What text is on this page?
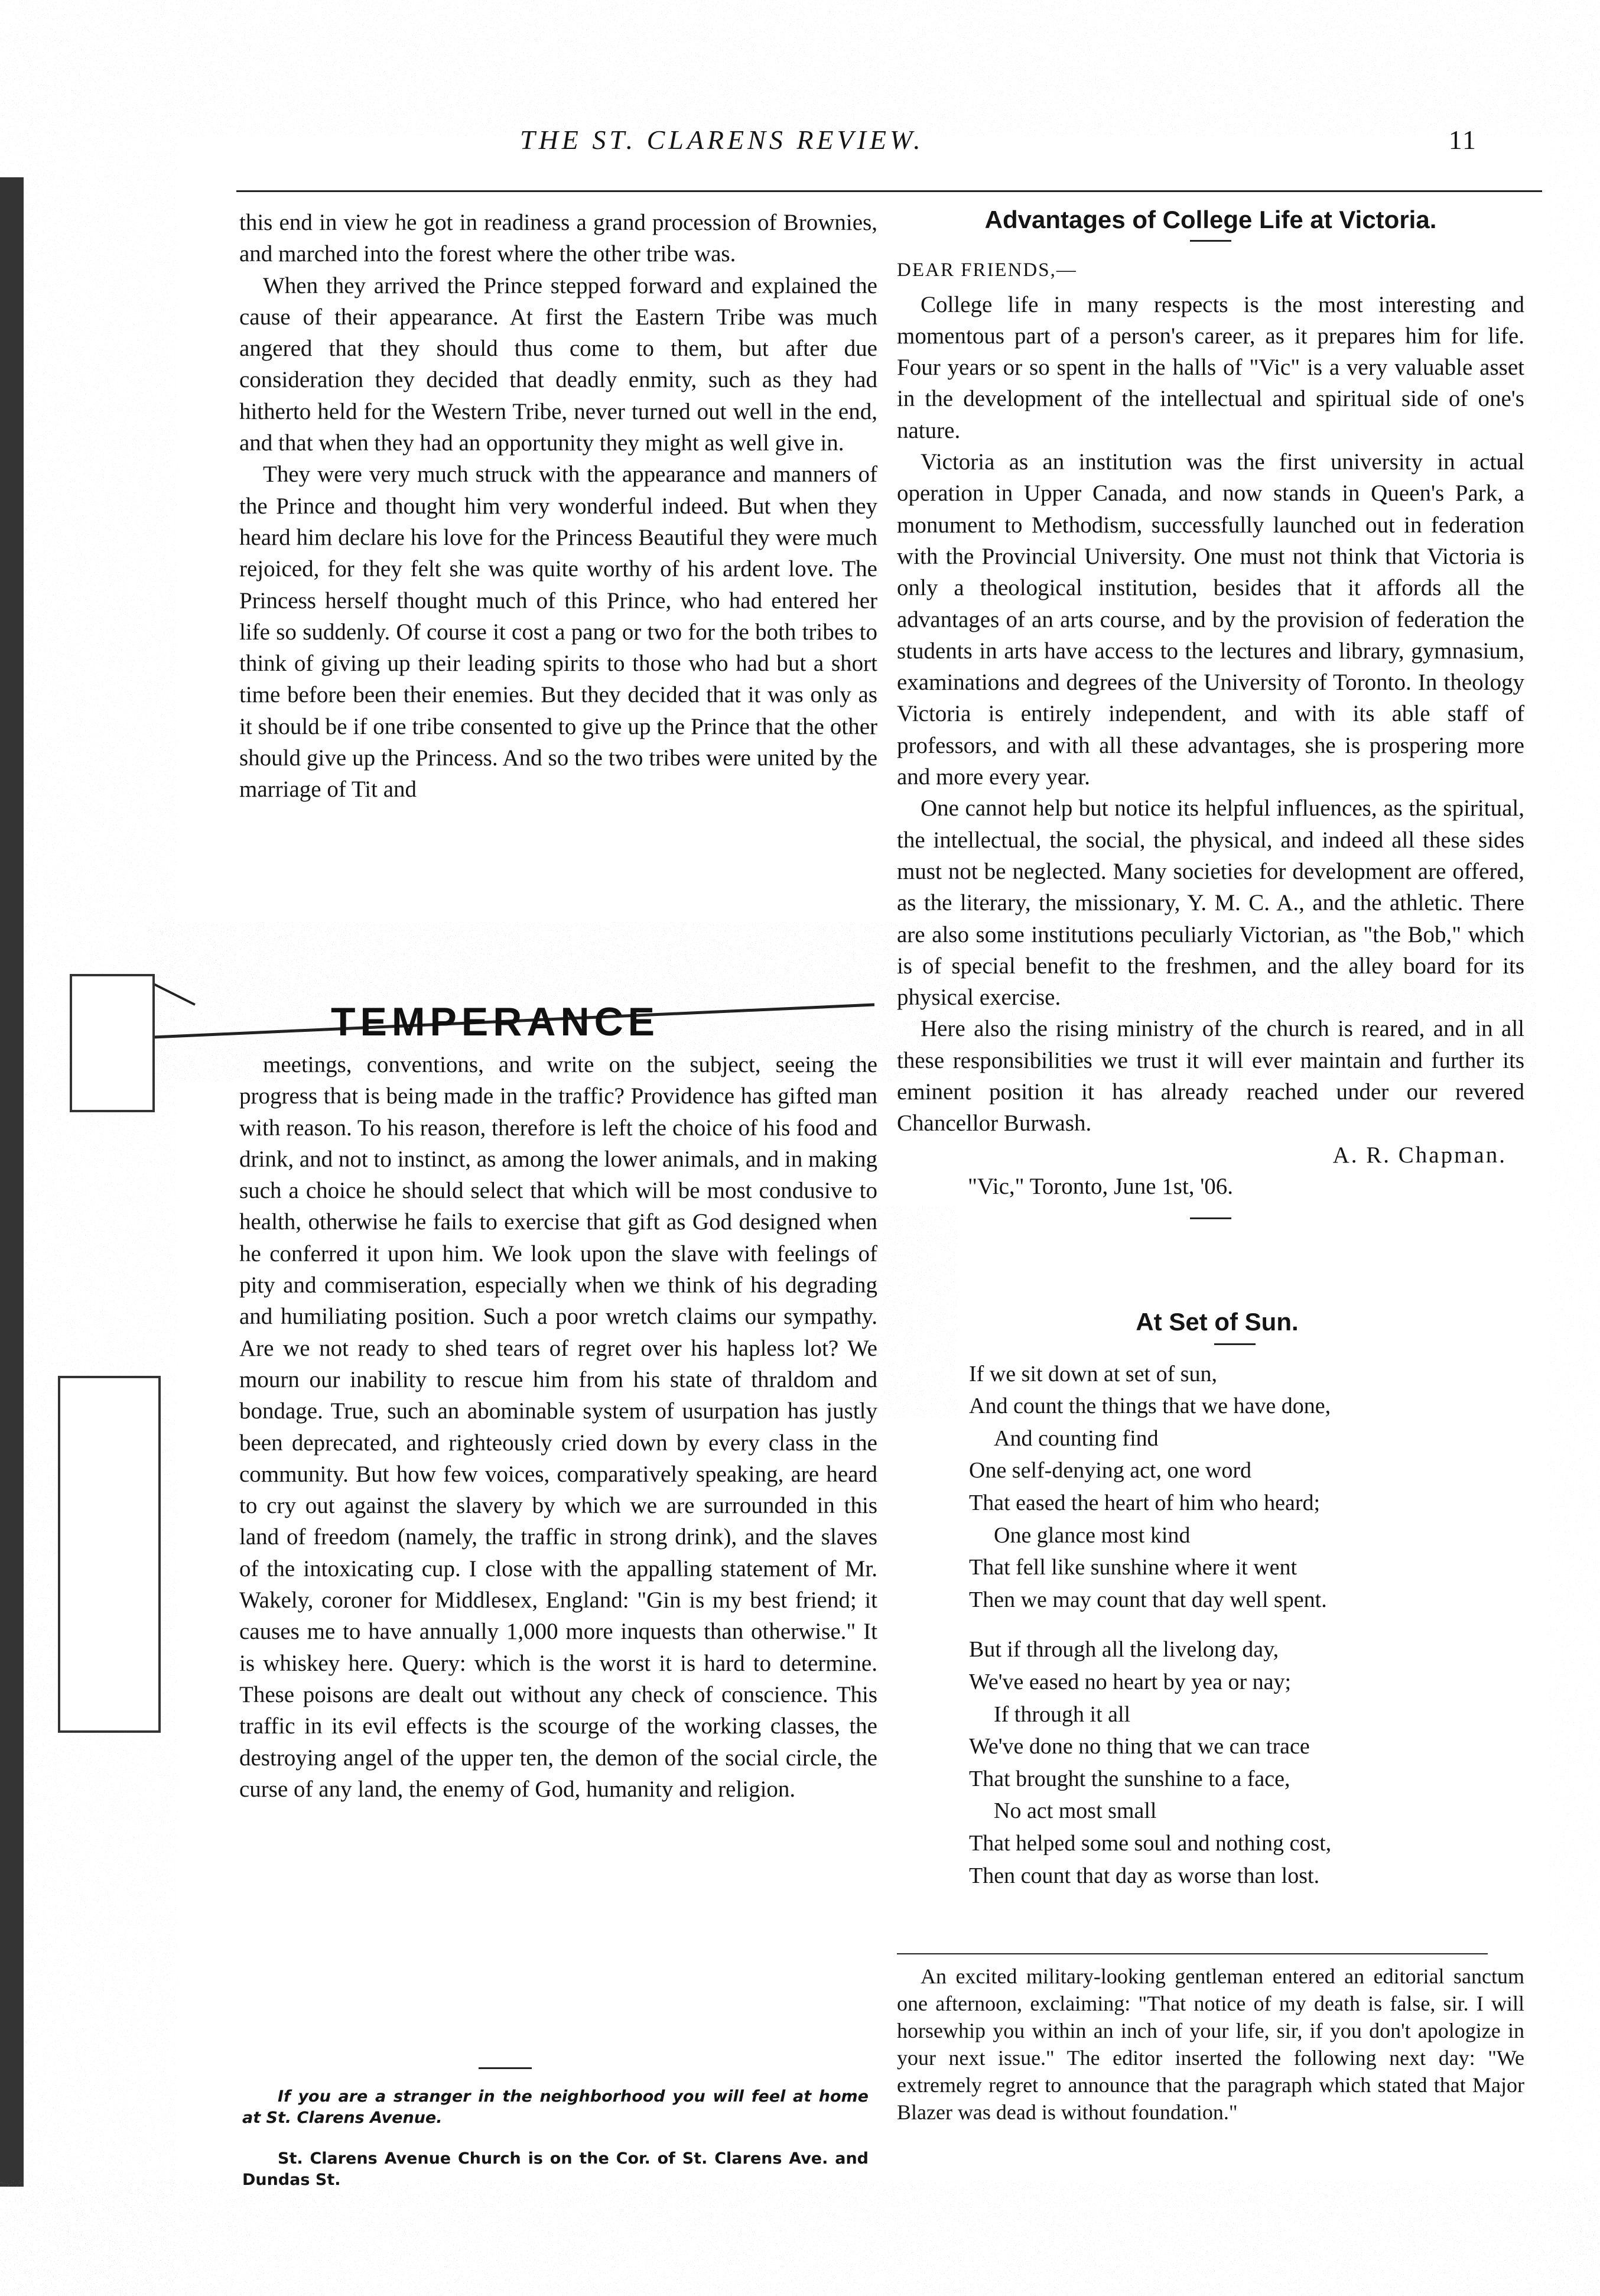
THE ST. CLARENS REVIEW.	11

this end in view he got in readiness a grand procession of Brownies, and marched into the forest where the other tribe was.

When they arrived the Prince stepped forward and explained the cause of their appearance. At first the Eastern Tribe was much angered that they should thus come to them, but after due consideration they decided that deadly enmity, such as they had hitherto held for the Western Tribe, never turned out well in the end, and that when they had an opportunity they might as well give in.

They were very much struck with the appearance and manners of the Prince and thought him very wonderful indeed. But when they heard him declare his love for the Princess Beautiful they were much rejoiced, for they felt she was quite worthy of his ardent love. The Princess herself thought much of this Prince, who had entered her life so suddenly. Of course it cost a pang or two for the both tribes to think of giving up their leading spirits to those who had but a short time before been their enemies. But they decided that it was only as it should be if one tribe consented to give up the Prince that the other should give up the Princess. And so the two tribes were united by the marriage of Tit and

TEMPERANCE

meetings, conventions, and write on the subject, seeing the progress that is being made in the traffic? Providence has gifted man with reason. To his reason, therefore is left the choice of his food and drink, and not to instinct, as among the lower animals, and in making such a choice he should select that which will be most condusive to health, otherwise he fails to exercise that gift as God designed when he conferred it upon him. We look upon the slave with feelings of pity and commiseration, especially when we think of his degrading and humiliating position. Such a poor wretch claims our sympathy. Are we not ready to shed tears of regret over his hapless lot? We mourn our inability to rescue him from his state of thraldom and bondage. True, such an abominable system of usurpation has justly been deprecated, and righteously cried down by every class in the community. But how few voices, comparatively speaking, are heard to cry out against the slavery by which we are surrounded in this land of freedom (namely, the traffic in strong drink), and the slaves of the intoxicating cup. I close with the appalling statement of Mr. Wakely, coroner for Middlesex, England: "Gin is my best friend; it causes me to have annually 1,000 more inquests than otherwise." It is whiskey here. Query: which is the worst it is hard to determine. These poisons are dealt out without any check of conscience. This traffic in its evil effects is the scourge of the working classes, the destroying angel of the upper ten, the demon of the social circle, the curse of any land, the enemy of God, humanity and religion.

If you are a stranger in the neighborhood you will feel at home at St. Clarens Avenue.
St. Clarens Avenue Church is on the Cor. of St. Clarens Ave. and Dundas St.
Advantages of College Life at Victoria.

DEAR FRIENDS,—

College life in many respects is the most interesting and momentous part of a person's career, as it prepares him for life. Four years or so spent in the halls of "Vic" is a very valuable asset in the development of the intellectual and spiritual side of one's nature.

Victoria as an institution was the first university in actual operation in Upper Canada, and now stands in Queen's Park, a monument to Methodism, successfully launched out in federation with the Provincial University. One must not think that Victoria is only a theological institution, besides that it affords all the advantages of an arts course, and by the provision of federation the students in arts have access to the lectures and library, gymnasium, examinations and degrees of the University of Toronto. In theology Victoria is entirely independent, and with its able staff of professors, and with all these advantages, she is prospering more and more every year.

One cannot help but notice its helpful influences, as the spiritual, the intellectual, the social, the physical, and indeed all these sides must not be neglected. Many societies for development are offered, as the literary, the missionary, Y. M. C. A., and the athletic. There are also some institutions peculiarly Victorian, as "the Bob," which is of special benefit to the freshmen, and the alley board for its physical exercise.

Here also the rising ministry of the church is reared, and in all these responsibilities we trust it will ever maintain and further its eminent position it has already reached under our revered Chancellor Burwash.

A. R. Chapman.

"Vic," Toronto, June 1st, '06.

At Set of Sun.
If we sit down at set of sun,
And count the things that we have done,
And counting find
One self-denying act, one word
That eased the heart of him who heard;
One glance most kind
That fell like sunshine where it went
Then we may count that day well spent.
But if through all the livelong day,
We've eased no heart by yea or nay;
If through it all
We've done no thing that we can trace
That brought the sunshine to a face,
No act most small
That helped some soul and nothing cost,
Then count that day as worse than lost.

An excited military-looking gentleman entered an editorial sanctum one afternoon, exclaiming: "That notice of my death is false, sir. I will horsewhip you within an inch of your life, sir, if you don't apologize in your next issue." The editor inserted the following next day: "We extremely regret to announce that the paragraph which stated that Major Blazer was dead is without foundation."
